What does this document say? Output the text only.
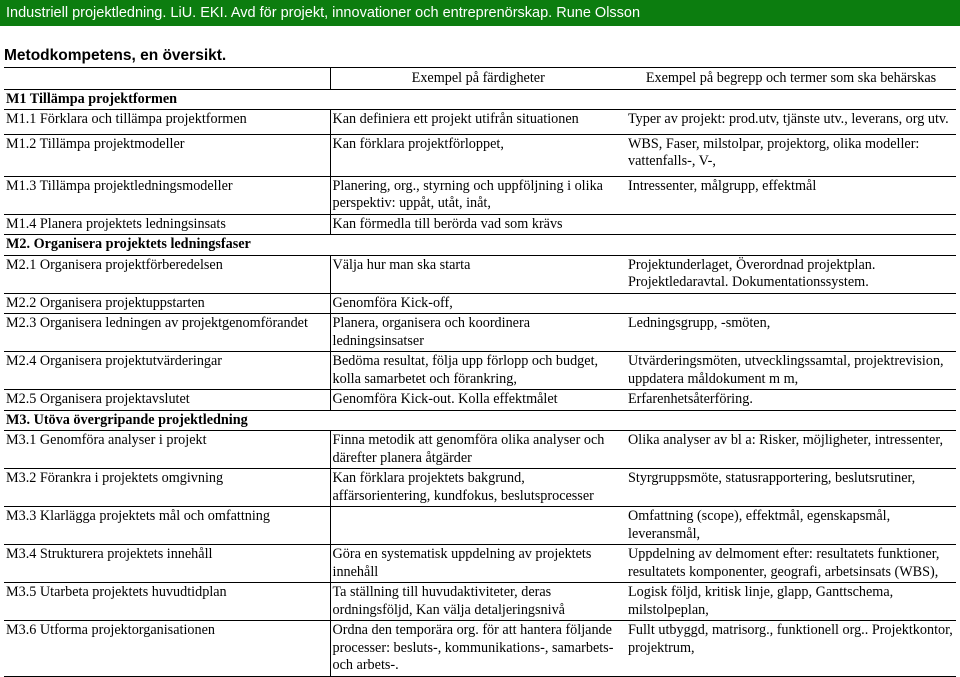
Industriell projektledning. LiU. EKI. Avd för projekt, innovationer och entreprenörskap. Rune Olsson
Metodkompetens, en översikt.
	Exempel på färdigheter	Exempel på begrepp och termer som ska behärskas
M1 Tillämpa projektformen		
M1.1 Förklara och tillämpa projektformen	Kan definiera ett projekt utifrån situationen	Typer av projekt: prod.utv, tjänste utv., leverans, org utv.
M1.2 Tillämpa projektmodeller	Kan förklara projektförloppet,	WBS, Faser, milstolpar, projektorg, olika modeller: vattenfalls-, V-,
M1.3 Tillämpa projektledningsmodeller	Planering, org., styrning och uppföljning i olika perspektiv: uppåt, utåt, inåt,	Intressenter, målgrupp, effektmål
M1.4 Planera projektets ledningsinsats	Kan förmedla till berörda vad som krävs	
M2. Organisera projektets ledningsfaser		
M2.1 Organisera projektförberedelsen	Välja hur man ska starta	Projektunderlaget, Överordnad projektplan. Projektledaravtal. Dokumentationssystem.
M2.2 Organisera projektuppstarten	Genomföra Kick-off,	
M2.3 Organisera ledningen av projektgenomförandet	Planera, organisera och koordinera ledningsinsatser	Ledningsgrupp, -smöten,
M2.4 Organisera projektutvärderingar	Bedöma resultat, följa upp förlopp och budget, kolla samarbetet och förankring,	Utvärderingsmöten, utvecklingssamtal, projektrevision, uppdatera måldokument m m,
M2.5 Organisera projektavslutet	Genomföra Kick-out. Kolla effektmålet	Erfarenhetsåterföring.
M3. Utöva övergripande projektledning		
M3.1 Genomföra analyser i projekt	Finna metodik att genomföra olika analyser och därefter planera åtgärder	Olika analyser av bl a: Risker, möjligheter, intressenter,
M3.2 Förankra i projektets omgivning	Kan förklara projektets bakgrund, affärsorientering, kundfokus, beslutsprocesser	Styrgruppsmöte, statusrapportering, beslutsrutiner,
M3.3 Klarlägga projektets mål och omfattning		Omfattning (scope), effektmål, egenskapsmål, leveransmål,
M3.4 Strukturera projektets innehåll	Göra en systematisk uppdelning av projektets innehåll	Uppdelning av delmoment efter: resultatets funktioner, resultatets komponenter, geografi, arbetsinsats (WBS),
M3.5 Utarbeta projektets huvudtidplan	Ta ställning till huvudaktiviteter, deras ordningsföljd, Kan välja detaljeringsnivå	Logisk följd, kritisk linje, glapp, Ganttschema, milstolpeplan,
M3.6 Utforma projektorganisationen	Ordna den temporära org. för att hantera följande processer: besluts-, kommunikations-, samarbets-och arbets-.	Fullt utbyggd, matrisorg., funktionell org.. Projektkontor, projektrum,
